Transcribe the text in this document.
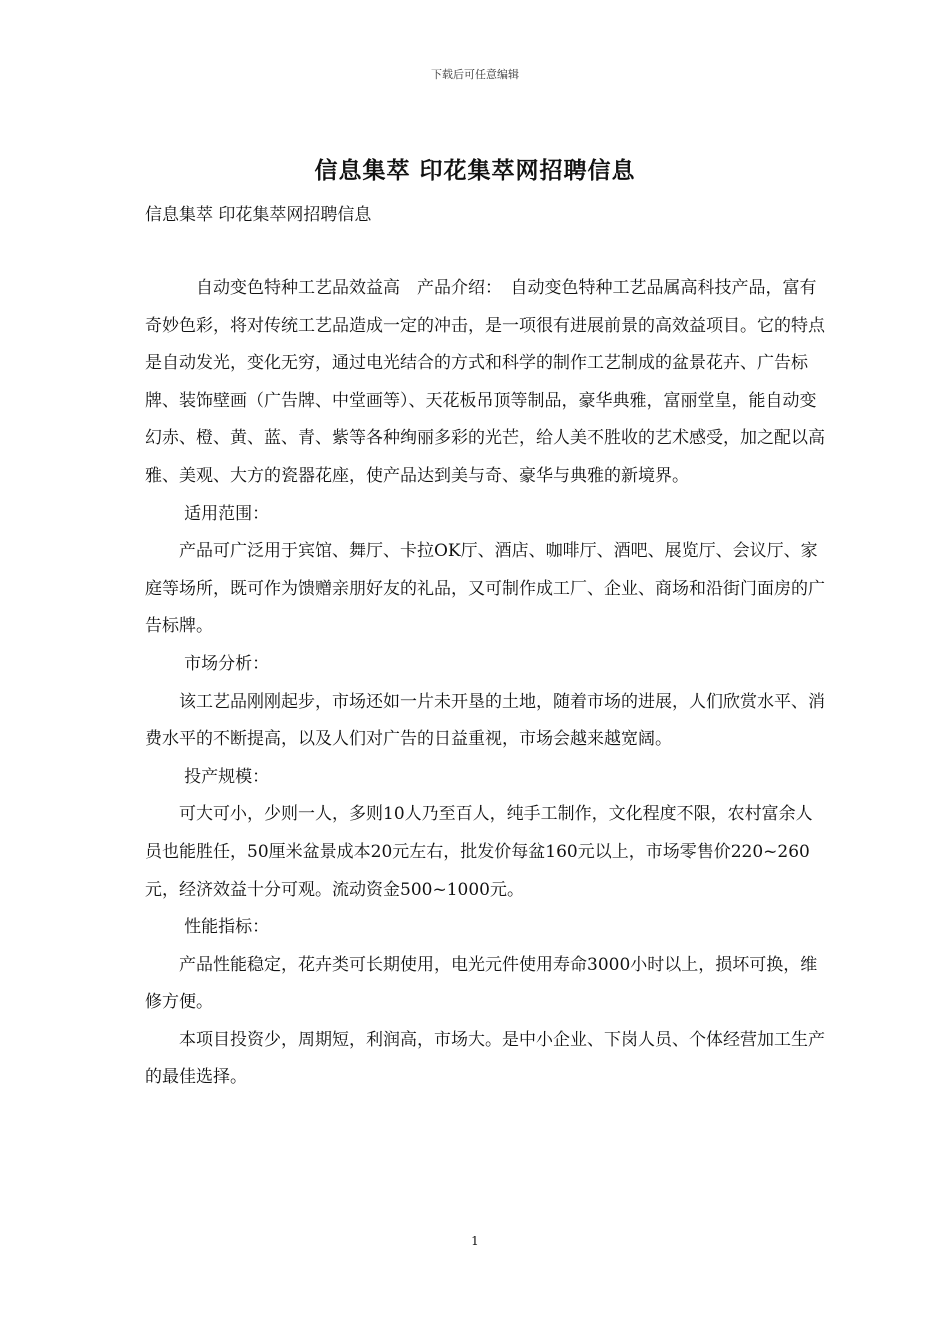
下载后可任意编辑
信息集萃 印花集萃网招聘信息
信息集萃 印花集萃网招聘信息

自动变色特种工艺品效益高　产品介绍：　自动变色特种工艺品属高科技产品，富有奇妙色彩，将对传统工艺品造成一定的冲击，是一项很有进展前景的高效益项目。它的特点是自动发光，变化无穷，通过电光结合的方式和科学的制作工艺制成的盆景花卉、广告标牌、装饰壁画（广告牌、中堂画等）、天花板吊顶等制品，豪华典雅，富丽堂皇，能自动变幻赤、橙、黄、蓝、青、紫等各种绚丽多彩的光芒，给人美不胜收的艺术感受，加之配以高雅、美观、大方的瓷器花座，使产品达到美与奇、豪华与典雅的新境界。

适用范围：

产品可广泛用于宾馆、舞厅、卡拉OK厅、酒店、咖啡厅、酒吧、展览厅、会议厅、家庭等场所，既可作为馈赠亲朋好友的礼品，又可制作成工厂、企业、商场和沿街门面房的广告标牌。

市场分析：

该工艺品刚刚起步，市场还如一片未开垦的土地，随着市场的进展，人们欣赏水平、消费水平的不断提高，以及人们对广告的日益重视，市场会越来越宽阔。

投产规模：

可大可小，少则一人，多则10人乃至百人，纯手工制作，文化程度不限，农村富余人员也能胜任，50厘米盆景成本20元左右，批发价每盆160元以上，市场零售价220~260元，经济效益十分可观。流动资金500~1000元。

性能指标：

产品性能稳定，花卉类可长期使用，电光元件使用寿命3000小时以上，损坏可换，维修方便。

本项目投资少，周期短，利润高，市场大。是中小企业、下岗人员、个体经营加工生产的最佳选择。

1
